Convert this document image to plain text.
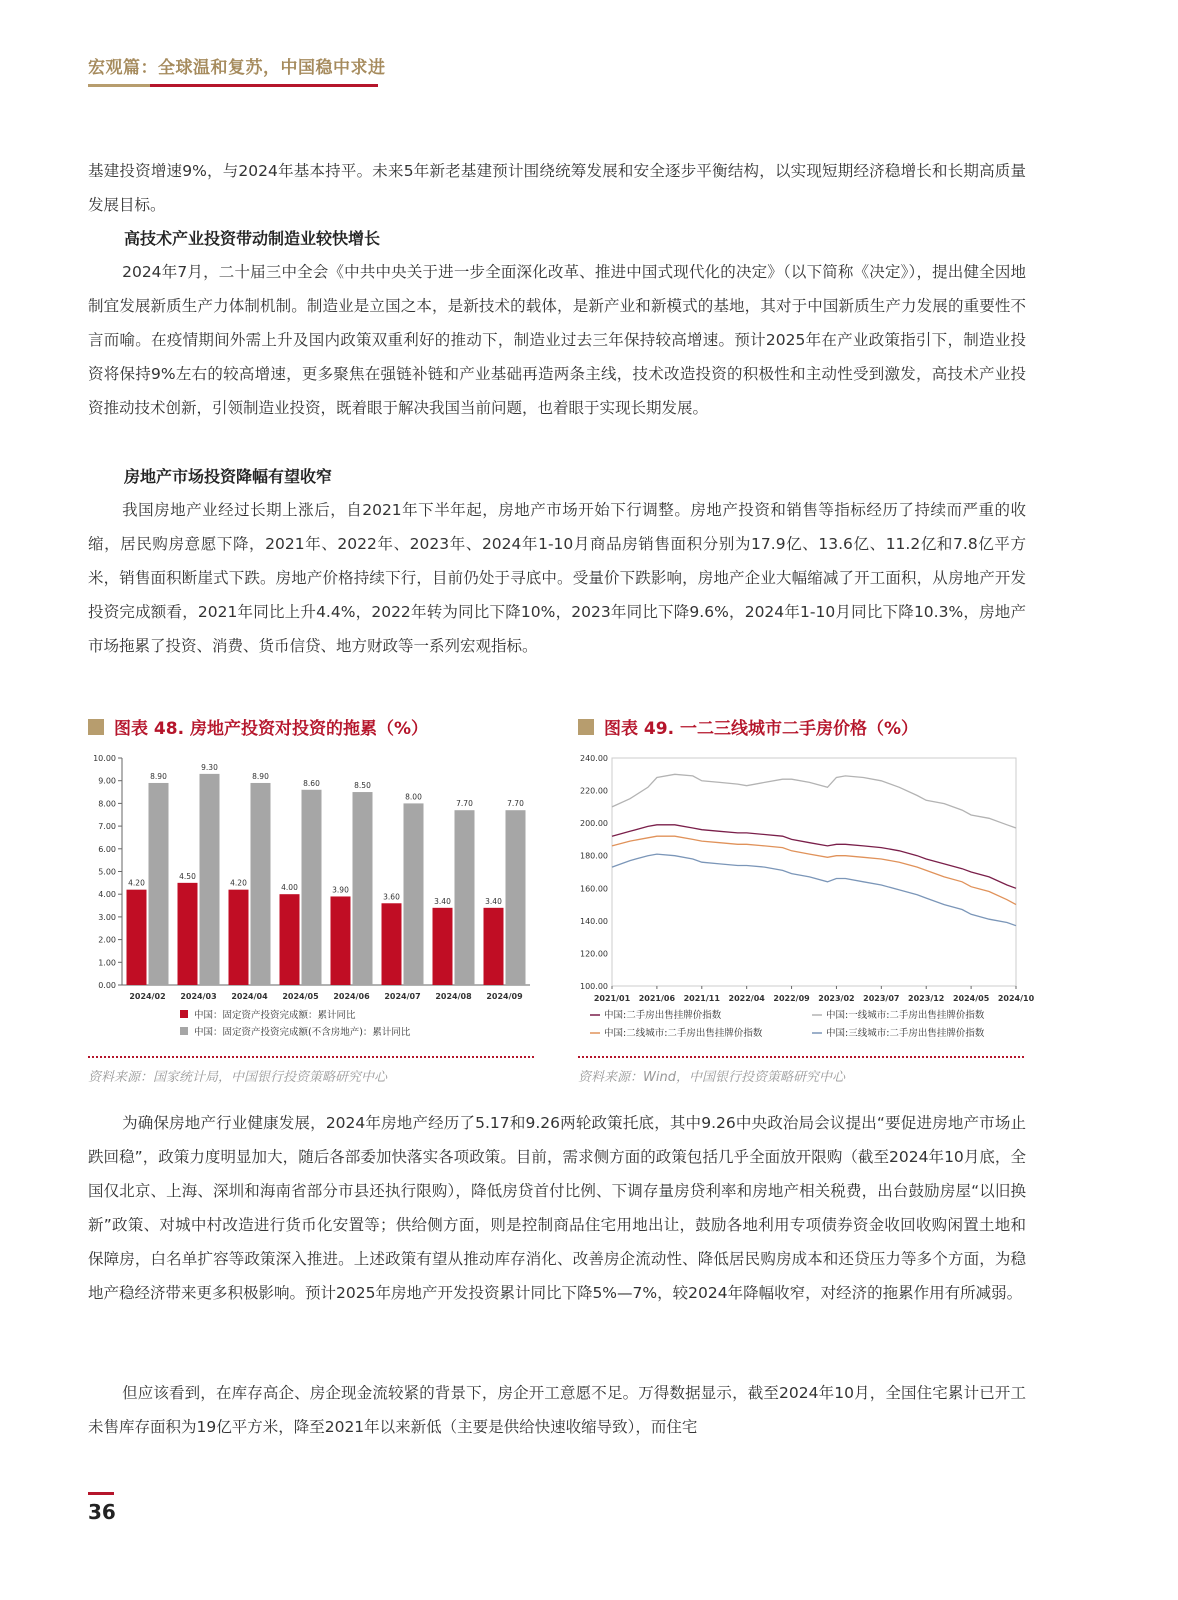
宏观篇：全球温和复苏，中国稳中求进

基建投资增速9%，与2024年基本持平。未来5年新老基建预计围绕统筹发展和安全逐步平衡结构，以实现短期经济稳增长和长期高质量发展目标。

高技术产业投资带动制造业较快增长

2024年7月，二十届三中全会《中共中央关于进一步全面深化改革、推进中国式现代化的决定》（以下简称《决定》），提出健全因地制宜发展新质生产力体制机制。制造业是立国之本，是新技术的载体，是新产业和新模式的基地，其对于中国新质生产力发展的重要性不言而喻。在疫情期间外需上升及国内政策双重利好的推动下，制造业过去三年保持较高增速。预计2025年在产业政策指引下，制造业投资将保持9%左右的较高增速，更多聚焦在强链补链和产业基础再造两条主线，技术改造投资的积极性和主动性受到激发，高技术产业投资推动技术创新，引领制造业投资，既着眼于解决我国当前问题，也着眼于实现长期发展。

房地产市场投资降幅有望收窄

我国房地产业经过长期上涨后，自2021年下半年起，房地产市场开始下行调整。房地产投资和销售等指标经历了持续而严重的收缩，居民购房意愿下降，2021年、2022年、2023年、2024年1-10月商品房销售面积分别为17.9亿、13.6亿、11.2亿和7.8亿平方米，销售面积断崖式下跌。房地产价格持续下行，目前仍处于寻底中。受量价下跌影响，房地产企业大幅缩减了开工面积，从房地产开发投资完成额看，2021年同比上升4.4%，2022年转为同比下降10%，2023年同比下降9.6%，2024年1-10月同比下降10.3%，房地产市场拖累了投资、消费、货币信贷、地方财政等一系列宏观指标。

图表 48. 房地产投资对投资的拖累（%）
0.00
1.00
2.00
3.00
4.00
5.00
6.00
7.00
8.00
9.00
10.00
4.20
8.90
2024/02
4.50
9.30
2024/03
4.20
8.90
2024/04
4.00
8.60
2024/05
3.90
8.50
2024/06
3.60
8.00
2024/07
3.40
7.70
2024/08
3.40
7.70
2024/09
中国：固定资产投资完成额：累计同比
中国：固定资产投资完成额(不含房地产)：累计同比
资料来源：国家统计局，中国银行投资策略研究中心
图表 49. 一二三线城市二手房价格（%）
100.00
120.00
140.00
160.00
180.00
200.00
220.00
240.00
2021/01 2021/06 2021/11 2022/04 2022/09 2023/02 2023/07 2023/12 2024/05 2024/10
中国:二手房出售挂牌价指数	中国:一线城市:二手房出售挂牌价指数
中国:二线城市:二手房出售挂牌价指数	中国:三线城市:二手房出售挂牌价指数
资料来源：Wind，中国银行投资策略研究中心

为确保房地产行业健康发展，2024年房地产经历了5.17和9.26两轮政策托底，其中9.26中央政治局会议提出“要促进房地产市场止跌回稳”，政策力度明显加大，随后各部委加快落实各项政策。目前，需求侧方面的政策包括几乎全面放开限购（截至2024年10月底，全国仅北京、上海、深圳和海南省部分市县还执行限购），降低房贷首付比例、下调存量房贷利率和房地产相关税费，出台鼓励房屋“以旧换新”政策、对城中村改造进行货币化安置等；供给侧方面，则是控制商品住宅用地出让，鼓励各地利用专项债券资金收回收购闲置土地和保障房，白名单扩容等政策深入推进。上述政策有望从推动库存消化、改善房企流动性、降低居民购房成本和还贷压力等多个方面，为稳地产稳经济带来更多积极影响。预计2025年房地产开发投资累计同比下降5%—7%，较2024年降幅收窄，对经济的拖累作用有所减弱。

但应该看到，在库存高企、房企现金流较紧的背景下，房企开工意愿不足。万得数据显示，截至2024年10月，全国住宅累计已开工未售库存面积为19亿平方米，降至2021年以来新低（主要是供给快速收缩导致），而住宅

36
